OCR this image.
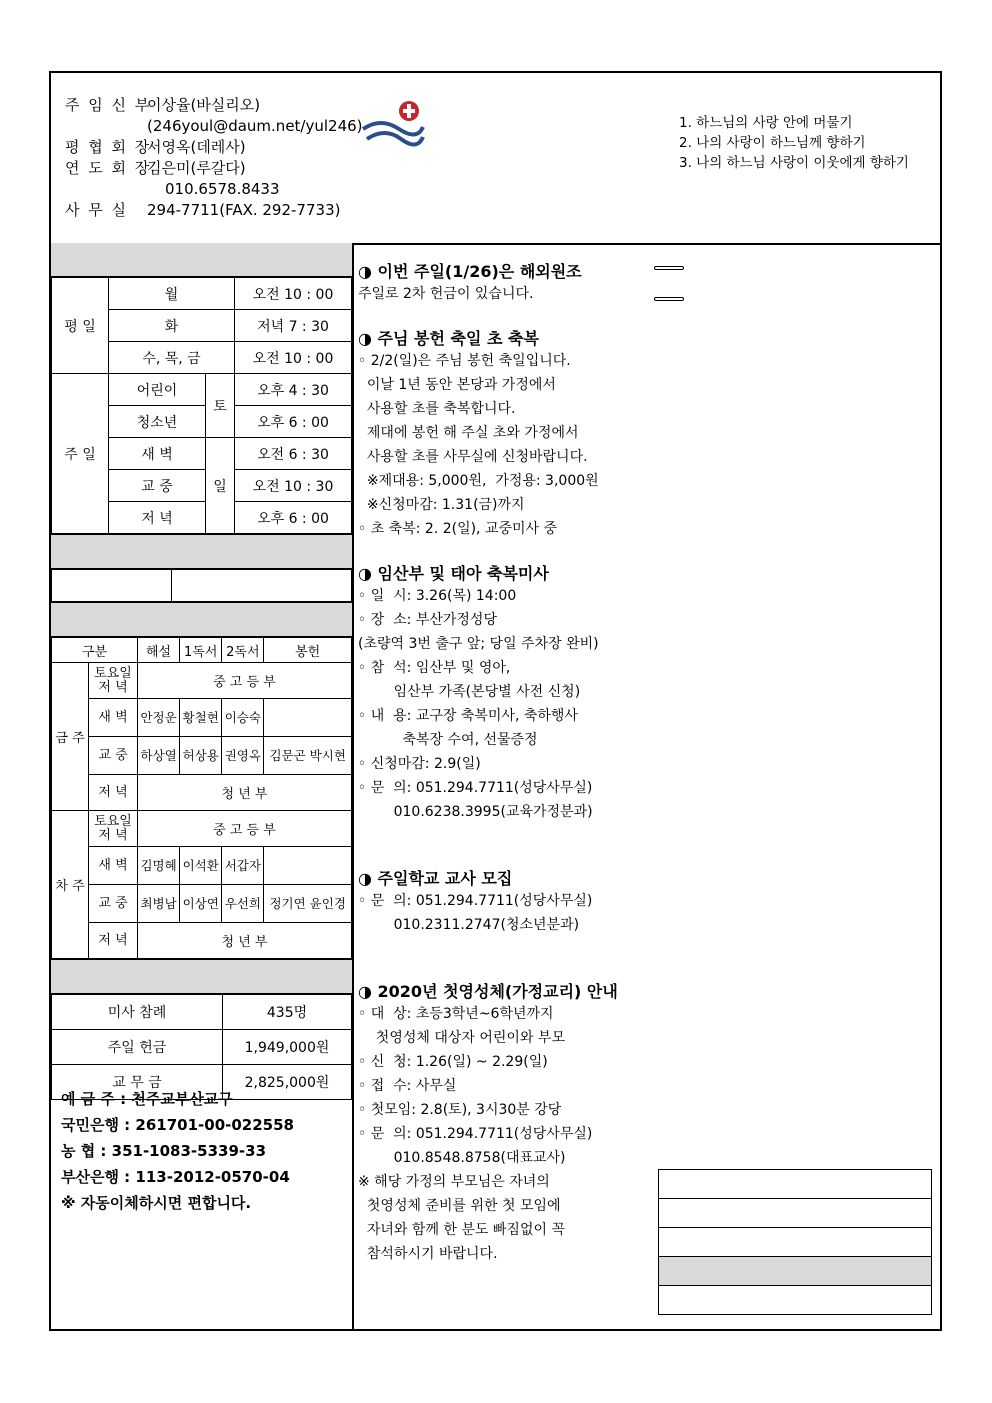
주 임 신 부이상율(바실리오)
(246youl@daum.net/yul246)
평 협 회 장서영옥(데레사)
연 도 회 장김은미(루갈다)
010.6578.8433
사 무 실 294-7711(FAX. 292-7733)
1. 하느님의 사랑 안에 머물기
2. 나의 사랑이 하느님께 향하기
3. 나의 하느님 사랑이 이웃에게 향하기
평 일	월		오전 10 : 00
	화		저녁 7 : 30
	수, 목, 금		오전 10 : 00
주 일	어린이	토	오후 4 : 30
	청소년		오후 6 : 00
	새 벽	일	오전 6 : 30
	교 중		오전 10 : 30
	저 녁		오후 6 : 00

구분		해설	1독서	2독서	봉헌
금 주	토요일 저 녁	중 고 등 부			
	새 벽	안정운	황철현	이승숙	
	교 중	하상열	허상용	권영옥	김문곤 박시현
	저 녁	청 년 부			
차 주	토요일 저 녁	중 고 등 부			
	새 벽	김명혜	이석환	서갑자	
	교 중	최병남	이상연	우선희	정기연 윤인경
	저 녁	청 년 부			
미사 참례	435명
주일 헌금	1,949,000원
교 무 금	2,825,000원
예 금 주 : 천주교부산교구
국민은행 : 261701-00-022558
농 협 : 351-1083-5339-33
부산은행 : 113-2012-0570-04
※ 자동이체하시면 편합니다.
◑ 이번 주일(1/26)은 해외원조
주일로 2차 헌금이 있습니다.
◑ 주님 봉헌 축일 초 축복
◦ 2/2(일)은 주님 봉헌 축일입니다.
이날 1년 동안 본당과 가정에서
사용할 초를 축복합니다.
제대에 봉헌 해 주실 초와 가정에서
사용할 초를 사무실에 신청바랍니다.
※제대용: 5,000원,  가정용: 3,000원
※신청마감: 1.31(금)까지
◦ 초 축복: 2. 2(일), 교중미사 중
◑ 임산부 및 태아 축복미사
◦ 일  시: 3.26(목) 14:00
◦ 장  소: 부산가정성당
(초량역 3번 출구 앞; 당일 주차장 완비)
◦ 참  석: 임산부 및 영아,
임산부 가족(본당별 사전 신청)
◦ 내  용: 교구장 축복미사, 축하행사
축복장 수여, 선물증정
◦ 신청마감: 2.9(일)
◦ 문  의: 051.294.7711(성당사무실)
010.6238.3995(교육가정분과)
◑ 주일학교 교사 모집
◦ 문  의: 051.294.7711(성당사무실)
010.2311.2747(청소년분과)
◑ 2020년 첫영성체(가정교리) 안내
◦ 대  상: 초등3학년~6학년까지
첫영성체 대상자 어린이와 부모
◦ 신  청: 1.26(일) ~ 2.29(일)
◦ 접  수: 사무실
◦ 첫모임: 2.8(토), 3시30분 강당
◦ 문  의: 051.294.7711(성당사무실)
010.8548.8758(대표교사)
※ 해당 가정의 부모님은 자녀의
첫영성체 준비를 위한 첫 모임에
자녀와 함께 한 분도 빠짐없이 꼭
참석하시기 바랍니다.
